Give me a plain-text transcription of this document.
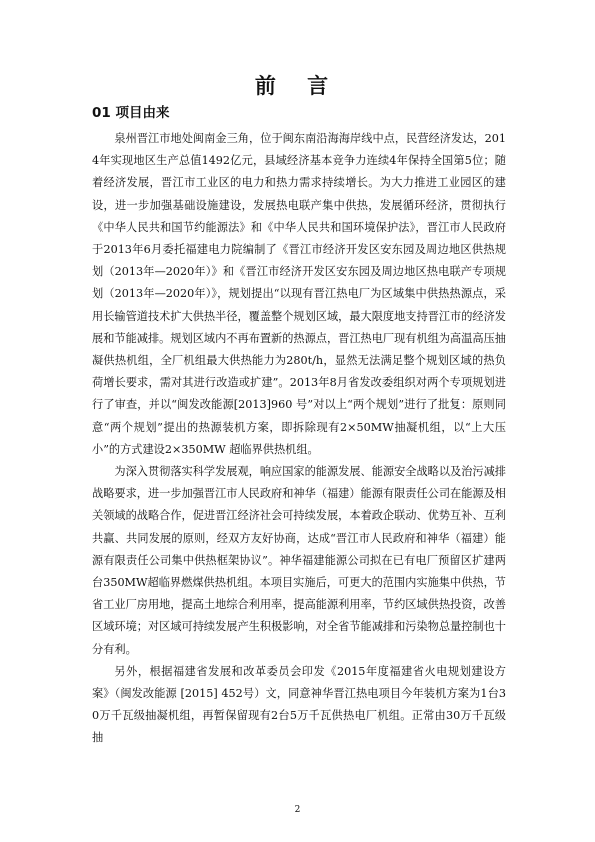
前 言
01 项目由来

泉州晋江市地处闽南金三角，位于闽东南沿海海岸线中点，民营经济发达，2014年实现地区生产总值1492亿元，县域经济基本竞争力连续4年保持全国第5位；随着经济发展，晋江市工业区的电力和热力需求持续增长。为大力推进工业园区的建设，进一步加强基础设施建设，发展热电联产集中供热，发展循环经济，贯彻执行《中华人民共和国节约能源法》和《中华人民共和国环境保护法》，晋江市人民政府于2013年6月委托福建电力院编制了《晋江市经济开发区安东园及周边地区供热规划（2013年—2020年）》和《晋江市经济开发区安东园及周边地区热电联产专项规划（2013年—2020年）》，规划提出“以现有晋江热电厂为区域集中供热热源点，采用长输管道技术扩大供热半径，覆盖整个规划区域，最大限度地支持晋江市的经济发展和节能减排。规划区域内不再布置新的热源点，晋江热电厂现有机组为高温高压抽凝供热机组，全厂机组最大供热能力为280t/h，显然无法满足整个规划区域的热负荷增长要求，需对其进行改造或扩建”。2013年8月省发改委组织对两个专项规划进行了审查，并以“闽发改能源[2013]960 号”对以上“两个规划”进行了批复：原则同意“两个规划”提出的热源装机方案，即拆除现有2×50MW抽凝机组，以“上大压小”的方式建设2×350MW 超临界供热机组。

为深入贯彻落实科学发展观，响应国家的能源发展、能源安全战略以及治污减排战略要求，进一步加强晋江市人民政府和神华（福建）能源有限责任公司在能源及相关领域的战略合作，促进晋江经济社会可持续发展，本着政企联动、优势互补、互利共赢、共同发展的原则，经双方友好协商，达成“晋江市人民政府和神华（福建）能源有限责任公司集中供热框架协议”。神华福建能源公司拟在已有电厂预留区扩建两台350MW超临界燃煤供热机组。本项目实施后，可更大的范围内实施集中供热，节省工业厂房用地，提高土地综合利用率，提高能源利用率，节约区域供热投资，改善区域环境；对区域可持续发展产生积极影响，对全省节能减排和污染物总量控制也十分有利。

另外，根据福建省发展和改革委员会印发《2015年度福建省火电规划建设方案》（闽发改能源 [2015] 452号）文，同意神华晋江热电项目今年装机方案为1台30万千瓦级抽凝机组，再暂保留现有2台5万千瓦供热电厂机组。正常由30万千瓦级抽

2
